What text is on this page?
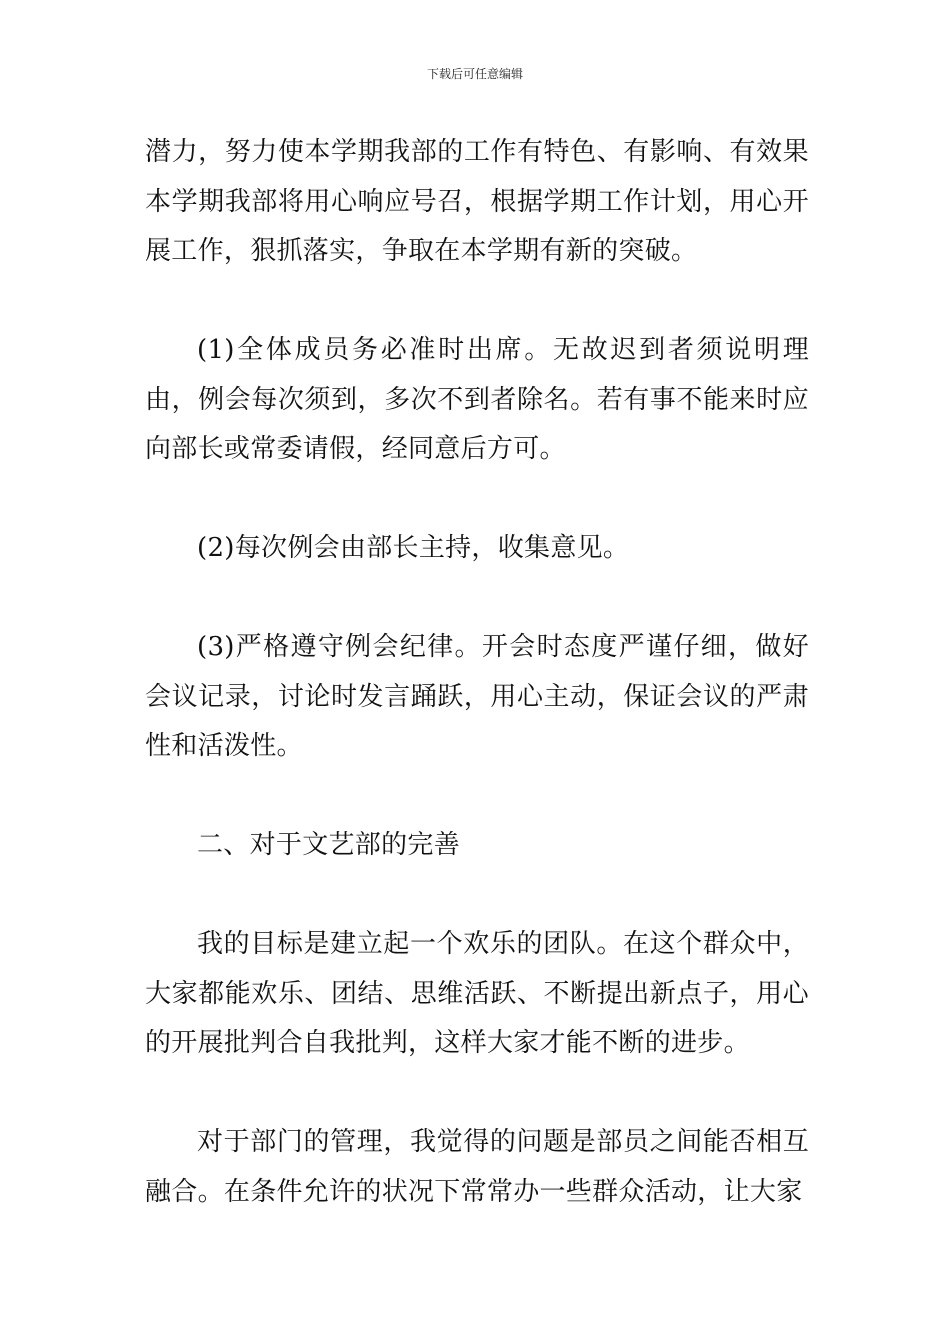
下载后可任意编辑

潜力，努力使本学期我部的工作有特色、有影响、有效果本学期我部将用心响应号召，根据学期工作计划，用心开展工作，狠抓落实，争取在本学期有新的突破。

(1)全体成员务必准时出席。无故迟到者须说明理由，例会每次须到，多次不到者除名。若有事不能来时应向部长或常委请假，经同意后方可。

(2)每次例会由部长主持，收集意见。

(3)严格遵守例会纪律。开会时态度严谨仔细，做好会议记录，讨论时发言踊跃，用心主动，保证会议的严肃性和活泼性。

二、对于文艺部的完善

我的目标是建立起一个欢乐的团队。在这个群众中，大家都能欢乐、团结、思维活跃、不断提出新点子，用心的开展批判合自我批判，这样大家才能不断的进步。

对于部门的管理，我觉得的问题是部员之间能否相互融合。在条件允许的状况下常常办一些群众活动，让大家
